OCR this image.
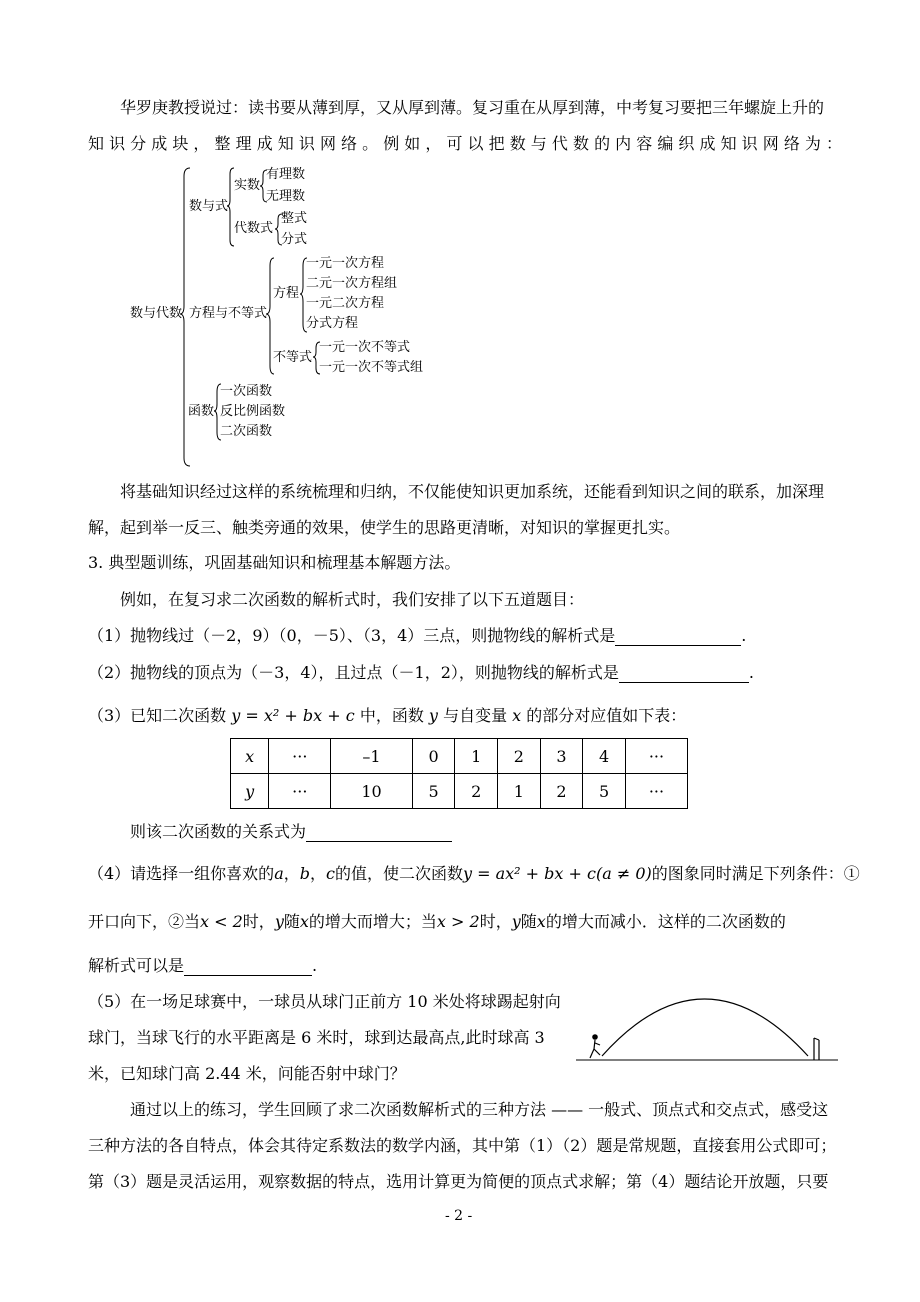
华罗庚教授说过：读书要从薄到厚，又从厚到薄。复习重在从厚到薄，中考复习要把三年螺旋上升的
知 识 分 成 块 ， 整 理 成 知 识 网 络 。 例 如 ， 可 以 把 数 与 代 数 的 内 容 编 织 成 知 识 网 络 为 ：
数与代数
数与式
实数
有理数
无理数
代数式
整式
分式
方程与不等式
方程
一元一次方程
二元一次方程组
一元二次方程
分式方程
不等式
一元一次不等式
一元一次不等式组
函数
一次函数
反比例函数
二次函数
将基础知识经过这样的系统梳理和归纳，不仅能使知识更加系统，还能看到知识之间的联系，加深理
解，起到举一反三、触类旁通的效果，使学生的思路更清晰，对知识的掌握更扎实。
3. 典型题训练，巩固基础知识和梳理基本解题方法。
例如，在复习求二次函数的解析式时，我们安排了以下五道题目：
（1）抛物线过（－2，9）（0，－5）、（3，4）三点，则抛物线的解析式是	.
（2）抛物线的顶点为（－3，4），且过点（－1，2），则抛物线的解析式是	.
（3）已知二次函数 y = x² + bx + c 中，函数 y 与自变量 x 的部分对应值如下表：
x	···	–1	0	1	2	3	4	···
y	···	10	5	2	1	2	5	···
则该二次函数的关系式为
（4）请选择一组你喜欢的a，b，c的值，使二次函数y = ax² + bx + c(a ≠ 0)的图象同时满足下列条件：①
开口向下，②当x < 2时，y随x的增大而增大；当x > 2时，y随x的增大而减小．这样的二次函数的
解析式可以是	.
（5）在一场足球赛中，一球员从球门正前方 10 米处将球踢起射向
球门，当球飞行的水平距离是 6 米时，球到达最高点,此时球高 3
米，已知球门高 2.44 米，问能否射中球门？
通过以上的练习，学生回顾了求二次函数解析式的三种方法 —— 一般式、顶点式和交点式，感受这
三种方法的各自特点，体会其待定系数法的数学内涵，其中第（1）（2）题是常规题，直接套用公式即可；
第（3）题是灵活运用，观察数据的特点，选用计算更为简便的顶点式求解；第（4）题结论开放题，只要
- 2 -
